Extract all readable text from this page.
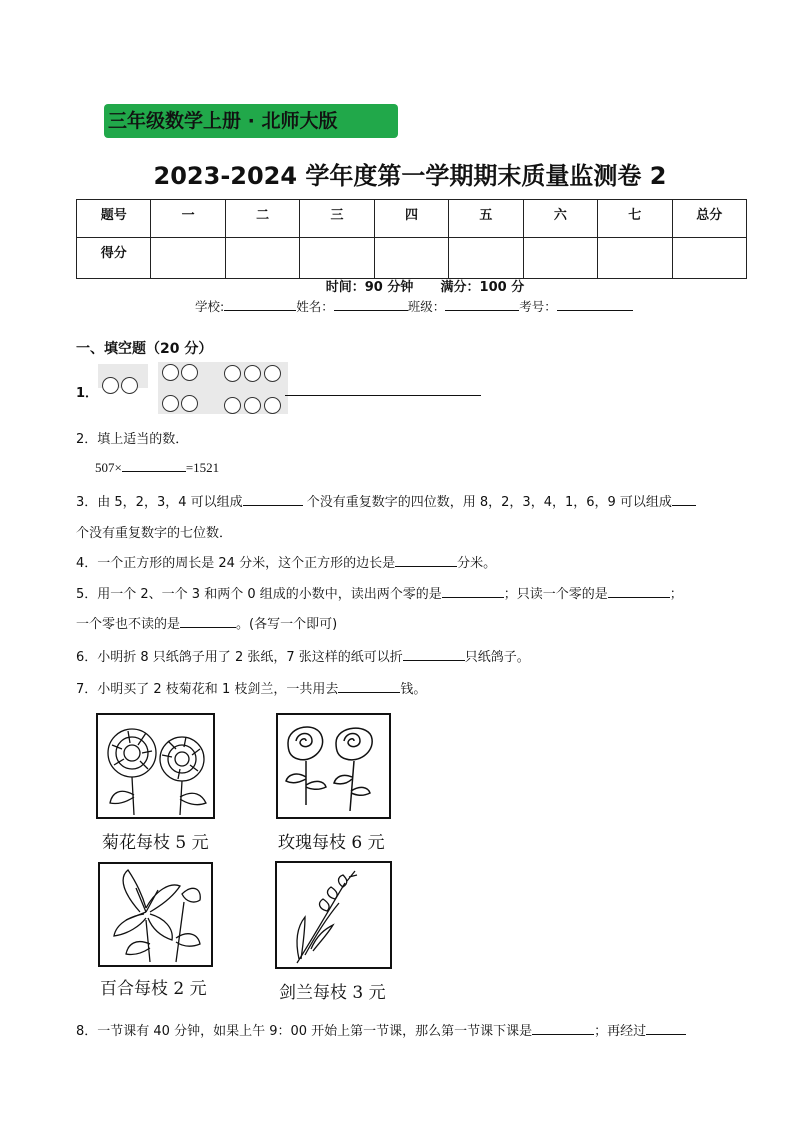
三年级数学上册 · 北师大版
2023-2024 学年度第一学期期末质量监测卷 2
题号	一	二	三	四	五	六	七	总分
得分								
时间：90 分钟 满分：100 分
学校:	姓名：	班级：	考号：
一、填空题（20 分）
1．
2．填上适当的数．
507×	=1521
3．由 5，2，3，4 可以组成	个没有重复数字的四位数，用 8，2，3，4，1，6，9 可以组成
个没有重复数字的七位数．
4．一个正方形的周长是 24 分米，这个正方形的边长是	分米。
5．用一个 2、一个 3 和两个 0 组成的小数中，读出两个零的是	；只读一个零的是	；
一个零也不读的是	。(各写一个即可)
6．小明折 8 只纸鸽子用了 2 张纸，7 张这样的纸可以折	只纸鸽子。
7．小明买了 2 枝菊花和 1 枝剑兰，一共用去	钱。
菊花每枝 5 元	玫瑰每枝 6 元
百合每枝 2 元	剑兰每枝 3 元
8．一节课有 40 分钟，如果上午 9：00 开始上第一节课，那么第一节课下课是	；再经过
